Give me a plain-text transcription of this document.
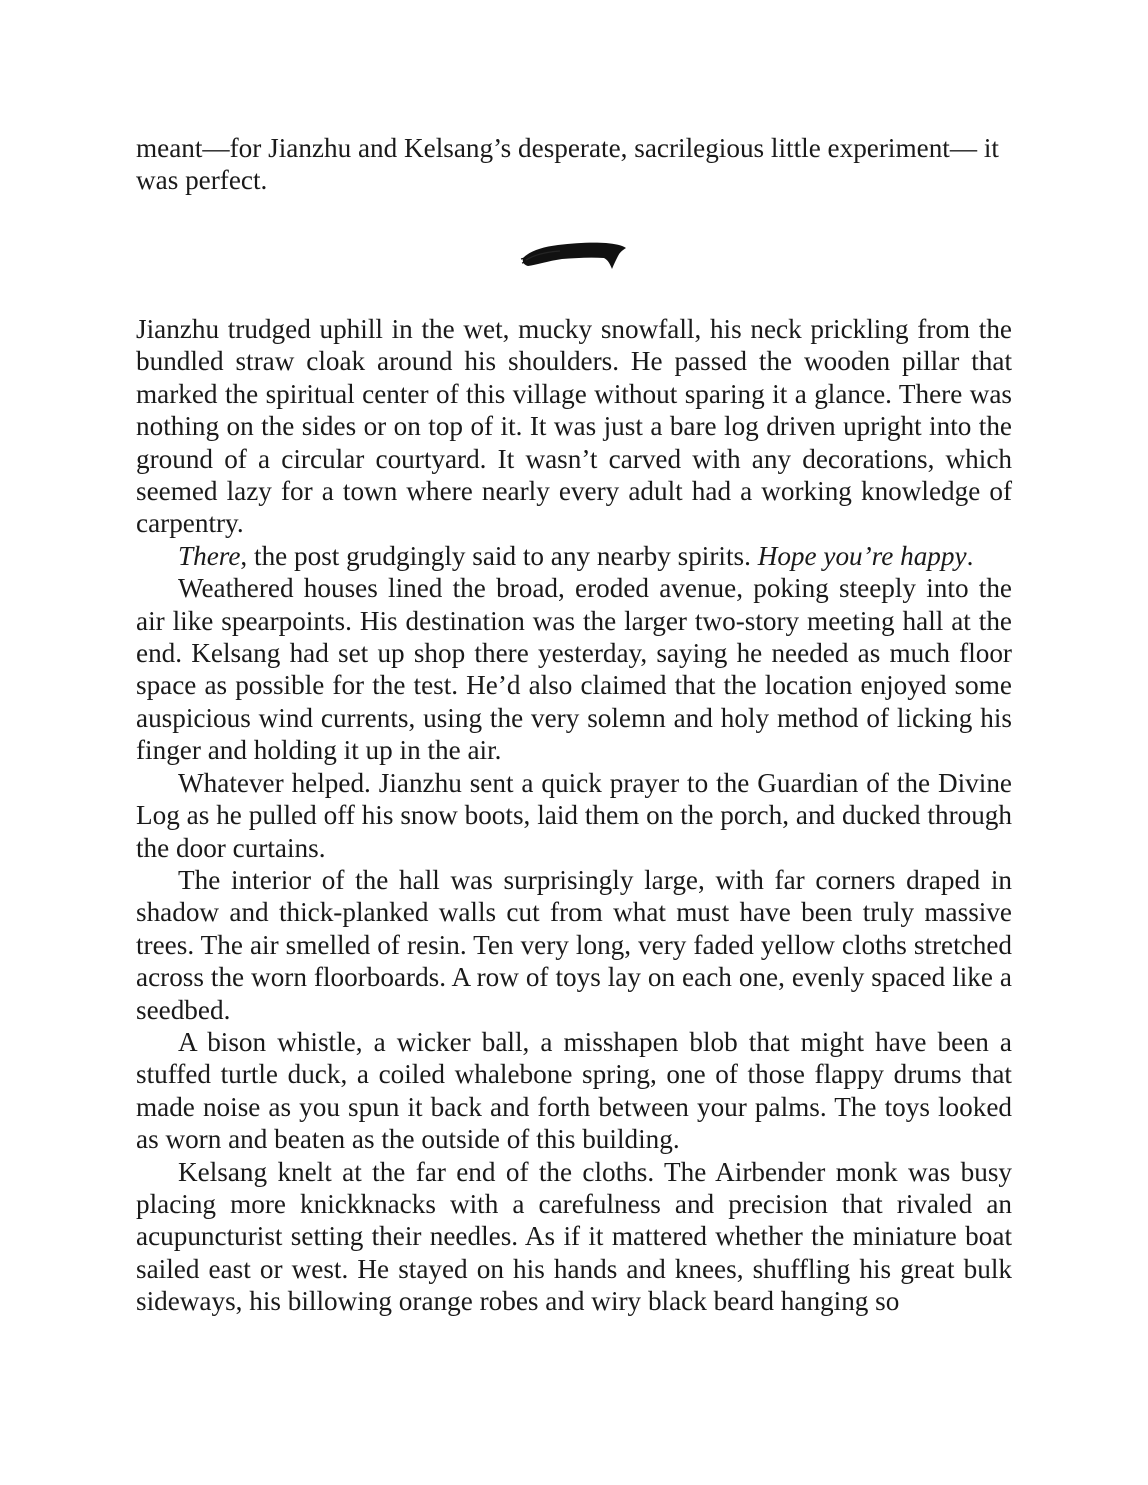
meant—for Jianzhu and Kelsang’s desperate, sacrilegious little experiment— it was perfect.

Jianzhu trudged uphill in the wet, mucky snowfall, his neck prickling from the bundled straw cloak around his shoulders. He passed the wooden pillar that marked the spiritual center of this village without sparing it a glance. There was nothing on the sides or on top of it. It was just a bare log driven upright into the ground of a circular courtyard. It wasn’t carved with any decorations, which seemed lazy for a town where nearly every adult had a working knowledge of carpentry.

There, the post grudgingly said to any nearby spirits. Hope you’re happy.

Weathered houses lined the broad, eroded avenue, poking steeply into the air like spearpoints. His destination was the larger two-story meeting hall at the end. Kelsang had set up shop there yesterday, saying he needed as much floor space as possible for the test. He’d also claimed that the location enjoyed some auspicious wind currents, using the very solemn and holy method of licking his finger and holding it up in the air.

Whatever helped. Jianzhu sent a quick prayer to the Guardian of the Divine Log as he pulled off his snow boots, laid them on the porch, and ducked through the door curtains.

The interior of the hall was surprisingly large, with far corners draped in shadow and thick-planked walls cut from what must have been truly massive trees. The air smelled of resin. Ten very long, very faded yellow cloths stretched across the worn floorboards. A row of toys lay on each one, evenly spaced like a seedbed.

A bison whistle, a wicker ball, a misshapen blob that might have been a stuffed turtle duck, a coiled whalebone spring, one of those flappy drums that made noise as you spun it back and forth between your palms. The toys looked as worn and beaten as the outside of this building.

Kelsang knelt at the far end of the cloths. The Airbender monk was busy placing more knickknacks with a carefulness and precision that rivaled an acupuncturist setting their needles. As if it mattered whether the miniature boat sailed east or west. He stayed on his hands and knees, shuffling his great bulk sideways, his billowing orange robes and wiry black beard hanging so
